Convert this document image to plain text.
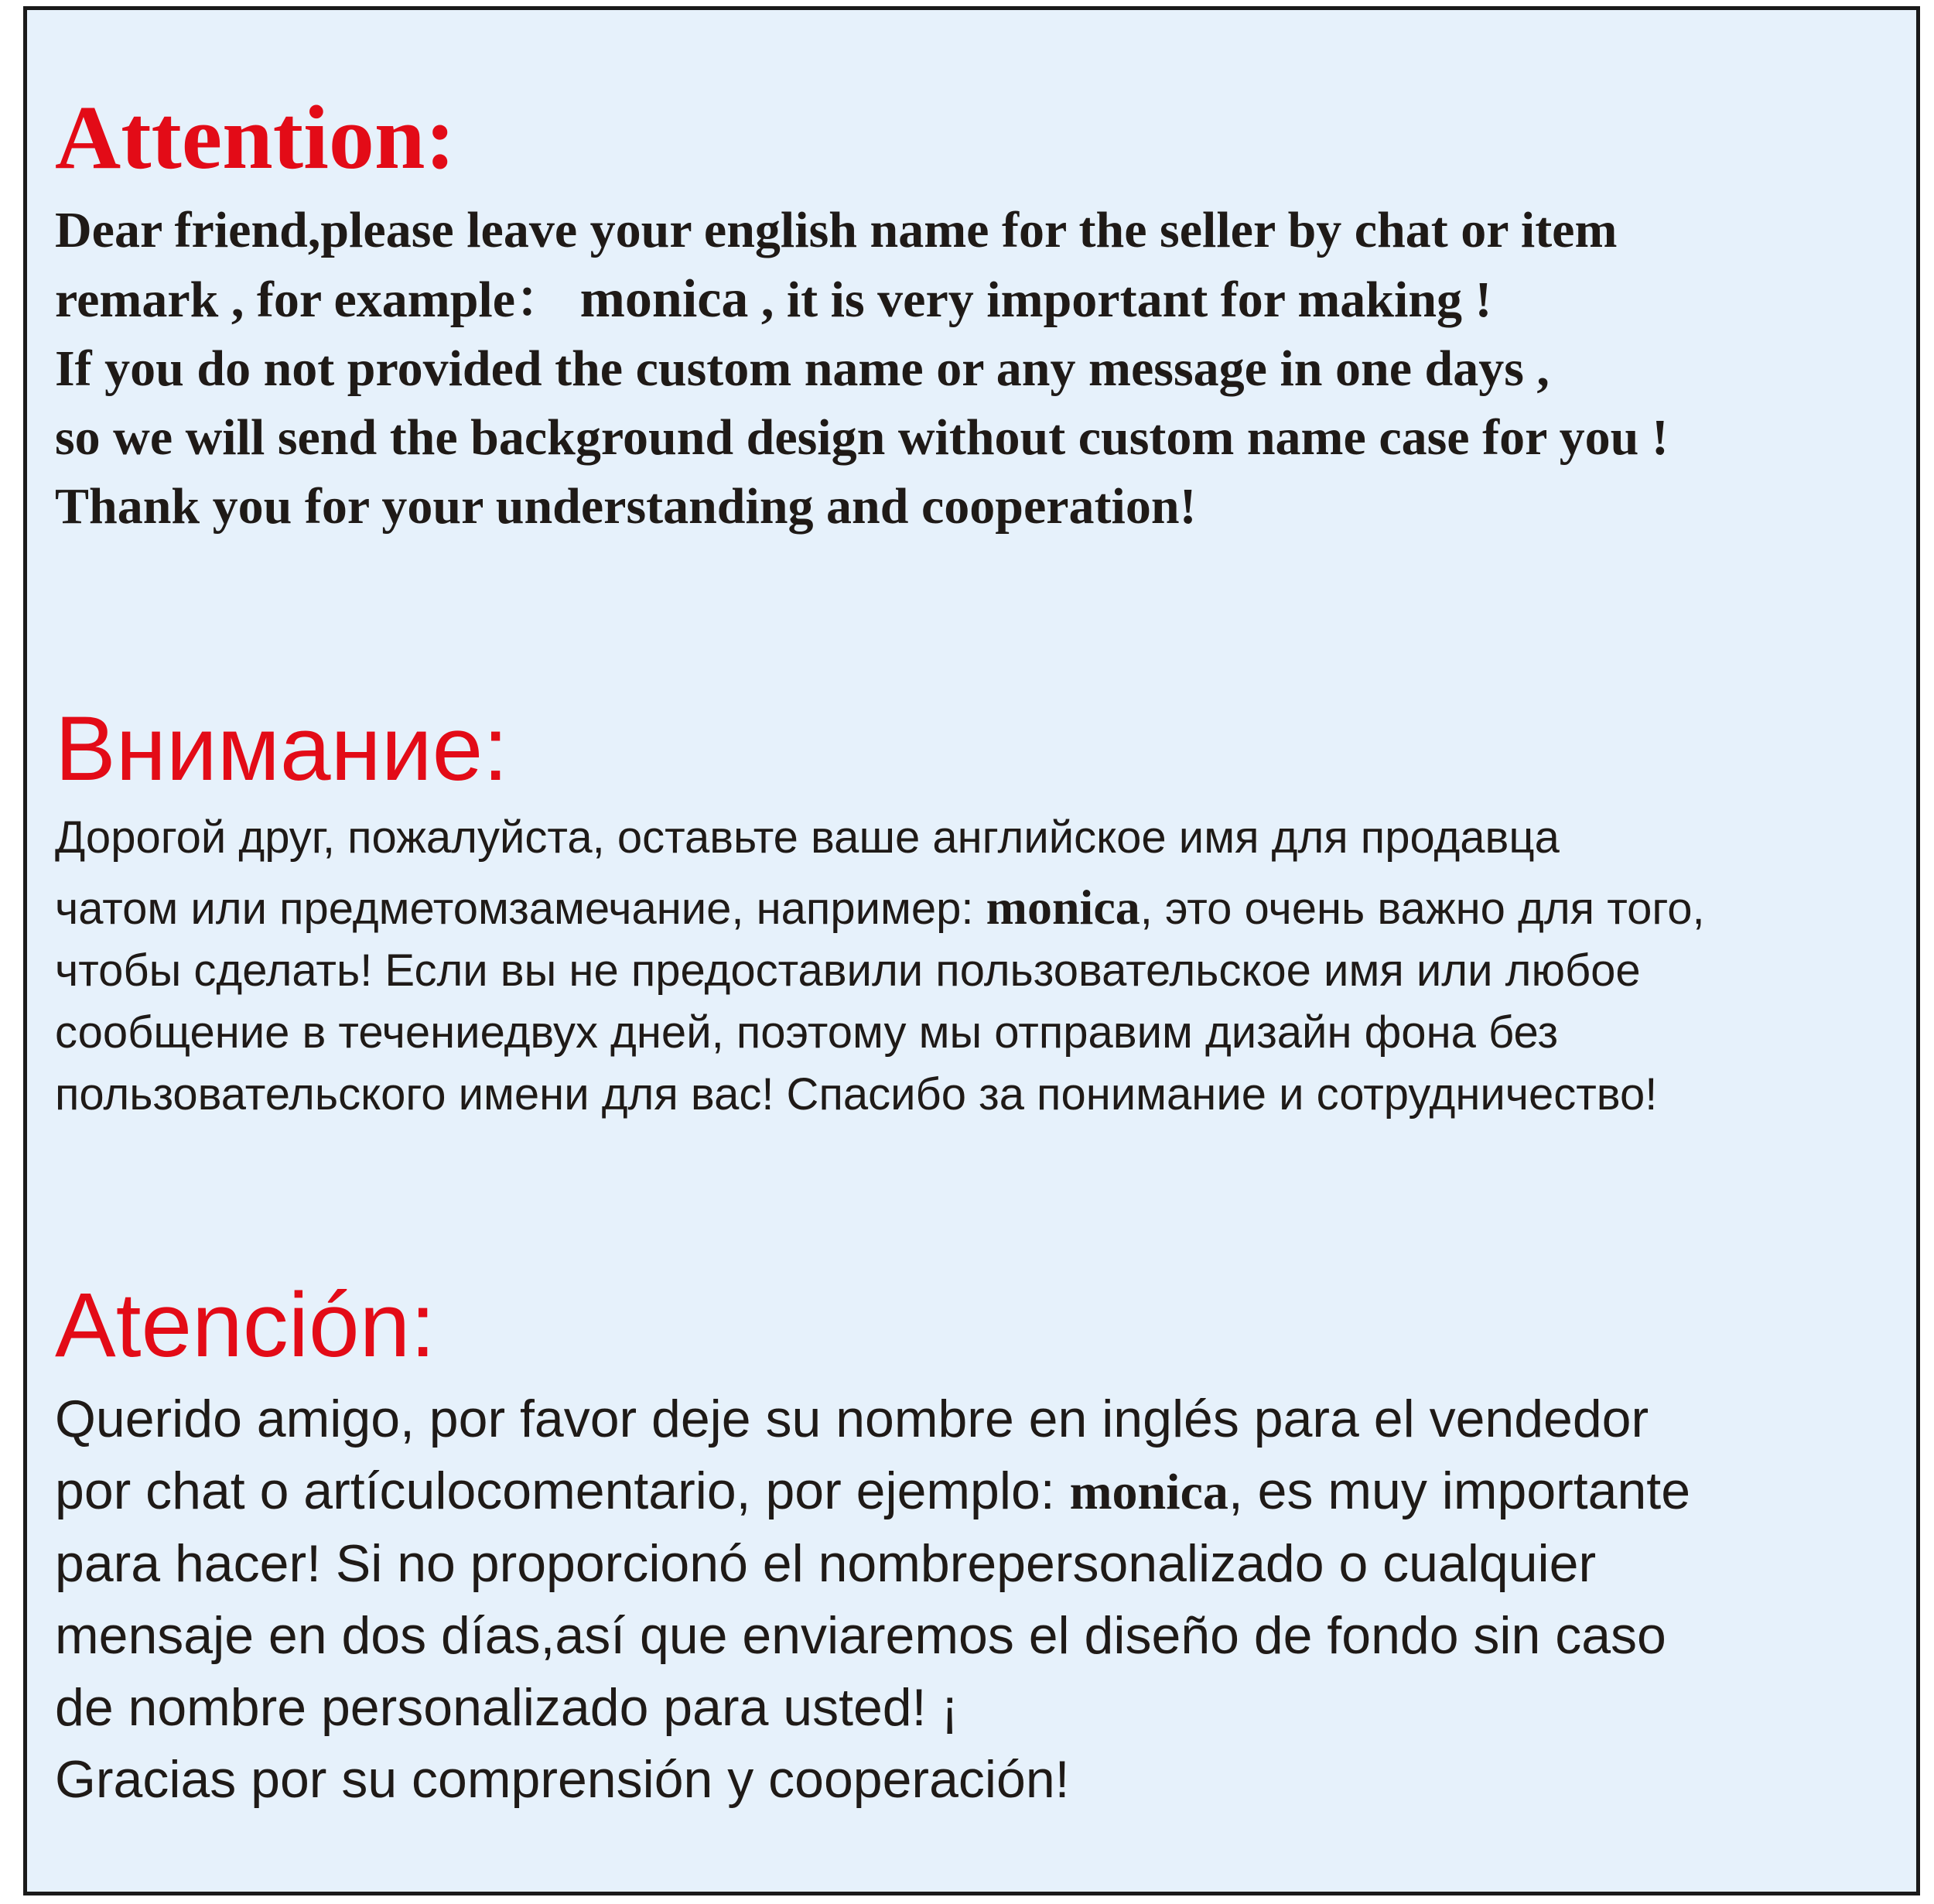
Attention:
Dear friend,please leave your english name for the seller by chat or item
remark , for example： monica , it is very important for making !
If you do not provided the custom name or any message in one days ,
so we will send the background design without custom name case for you !
Thank you for your understanding and cooperation!
Внимание:
Дорогой друг, пожалуйста, оставьте ваше английское имя для продавца
чатом или предметомзамечание, например: monica, это очень важно для того,
чтобы сделать! Если вы не предоставили пользовательское имя или любое
сообщение в течениедвух дней, поэтому мы отправим дизайн фона без
пользовательского имени для вас! Спасибо за понимание и сотрудничество!
Atención:
Querido amigo, por favor deje su nombre en inglés para el vendedor
por chat o artículocomentario, por ejemplo: monica, es muy importante
para hacer! Si no proporcionó el nombrepersonalizado o cualquier
mensaje en dos días,así que enviaremos el diseño de fondo sin caso
de nombre personalizado para usted! ¡
Gracias por su comprensión y cooperación!
